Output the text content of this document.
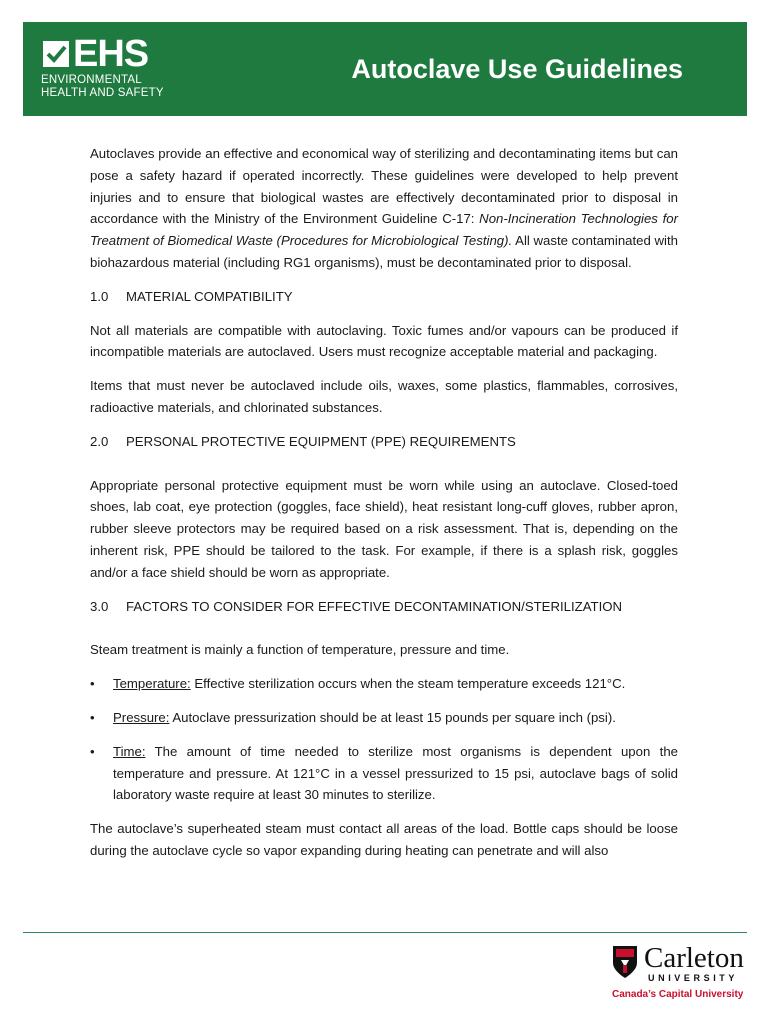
EHS
ENVIRONMENTAL
HEALTH AND SAFETY
Autoclave Use Guidelines

Autoclaves provide an effective and economical way of sterilizing and decontaminating items but can pose a safety hazard if operated incorrectly. These guidelines were developed to help prevent injuries and to ensure that biological wastes are effectively decontaminated prior to disposal in accordance with the Ministry of the Environment Guideline C-17: Non-Incineration Technologies for Treatment of Biomedical Waste (Procedures for Microbiological Testing). All waste contaminated with biohazardous material (including RG1 organisms), must be decontaminated prior to disposal.

1.0	MATERIAL COMPATIBILITY

Not all materials are compatible with autoclaving. Toxic fumes and/or vapours can be produced if incompatible materials are autoclaved. Users must recognize acceptable material and packaging.

Items that must never be autoclaved include oils, waxes, some plastics, flammables, corrosives, radioactive materials, and chlorinated substances.

2.0	PERSONAL PROTECTIVE EQUIPMENT (PPE) REQUIREMENTS

Appropriate personal protective equipment must be worn while using an autoclave. Closed-toed shoes, lab coat, eye protection (goggles, face shield), heat resistant long-cuff gloves, rubber apron, rubber sleeve protectors may be required based on a risk assessment. That is, depending on the inherent risk, PPE should be tailored to the task. For example, if there is a splash risk, goggles and/or a face shield should be worn as appropriate.

3.0	FACTORS TO CONSIDER FOR EFFECTIVE DECONTAMINATION/STERILIZATION

Steam treatment is mainly a function of temperature, pressure and time.

•	Temperature: Effective sterilization occurs when the steam temperature exceeds 121°C.
•	Pressure: Autoclave pressurization should be at least 15 pounds per square inch (psi).
•	Time: The amount of time needed to sterilize most organisms is dependent upon the temperature and pressure. At 121°C in a vessel pressurized to 15 psi, autoclave bags of solid laboratory waste require at least 30 minutes to sterilize.

The autoclave’s superheated steam must contact all areas of the load. Bottle caps should be loose during the autoclave cycle so vapor expanding during heating can penetrate and will also

Carleton
UNIVERSITY
Canada’s Capital University
